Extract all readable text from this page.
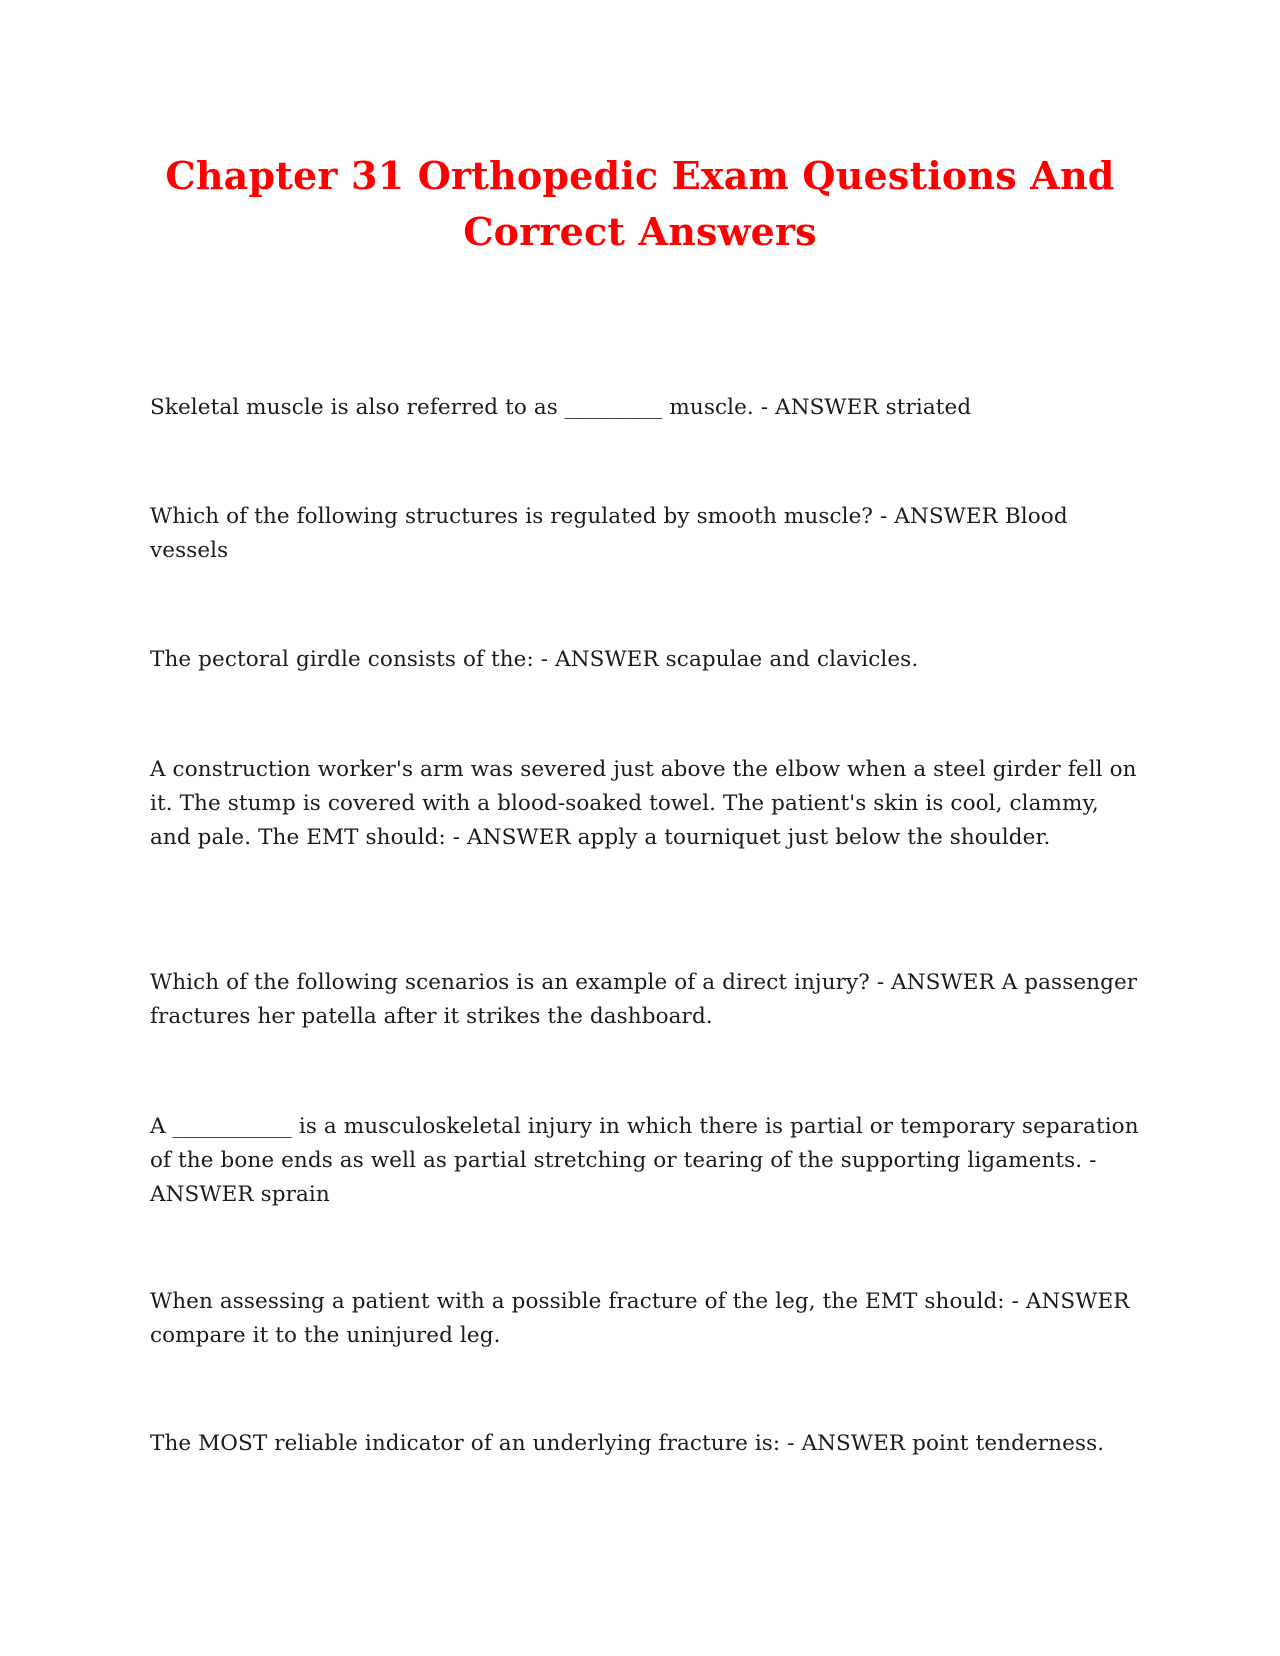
Chapter 31 Orthopedic Exam Questions And Correct Answers

Skeletal muscle is also referred to as _________ muscle. - ANSWER striated

Which of the following structures is regulated by smooth muscle? - ANSWER Blood vessels

The pectoral girdle consists of the: - ANSWER scapulae and clavicles.

A construction worker's arm was severed just above the elbow when a steel girder fell on it. The stump is covered with a blood-soaked towel. The patient's skin is cool, clammy, and pale. The EMT should: - ANSWER apply a tourniquet just below the shoulder.

Which of the following scenarios is an example of a direct injury? - ANSWER A passenger fractures her patella after it strikes the dashboard.

A ___________ is a musculoskeletal injury in which there is partial or temporary separation of the bone ends as well as partial stretching or tearing of the supporting ligaments. - ANSWER sprain

When assessing a patient with a possible fracture of the leg, the EMT should: - ANSWER compare it to the uninjured leg.

The MOST reliable indicator of an underlying fracture is: - ANSWER point tenderness.
